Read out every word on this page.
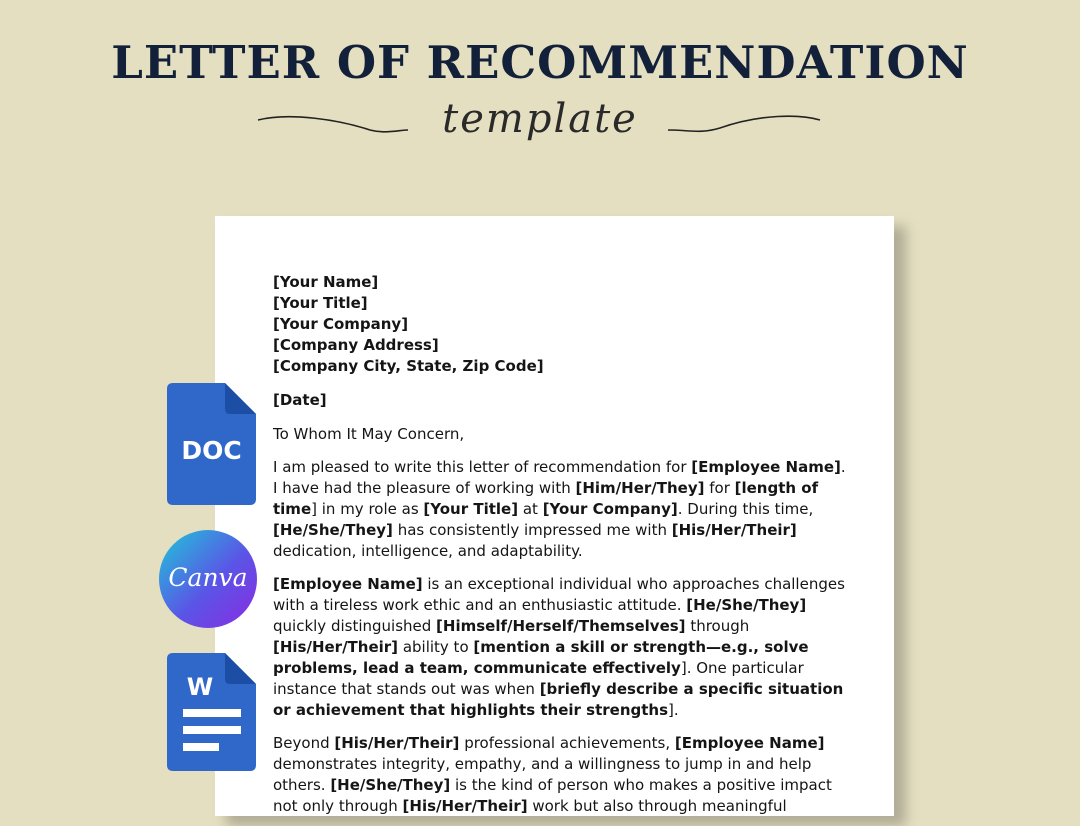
LETTER OF RECOMMENDATION
template
[Your Name]
[Your Title]
[Your Company]
[Company Address]
[Company City, State, Zip Code]
[Date]
To Whom It May Concern,
I am pleased to write this letter of recommendation for [Employee Name].
I have had the pleasure of working with [Him/Her/They] for [length of
time] in my role as [Your Title] at [Your Company]. During this time,
[He/She/They] has consistently impressed me with [His/Her/Their]
dedication, intelligence, and adaptability.
[Employee Name] is an exceptional individual who approaches challenges
with a tireless work ethic and an enthusiastic attitude. [He/She/They]
quickly distinguished [Himself/Herself/Themselves] through
[His/Her/Their] ability to [mention a skill or strength—e.g., solve
problems, lead a team, communicate effectively]. One particular
instance that stands out was when [briefly describe a specific situation
or achievement that highlights their strengths].
Beyond [His/Her/Their] professional achievements, [Employee Name]
demonstrates integrity, empathy, and a willingness to jump in and help
others. [He/She/They] is the kind of person who makes a positive impact
not only through [His/Her/Their] work but also through meaningful
DOC
Canva
W
